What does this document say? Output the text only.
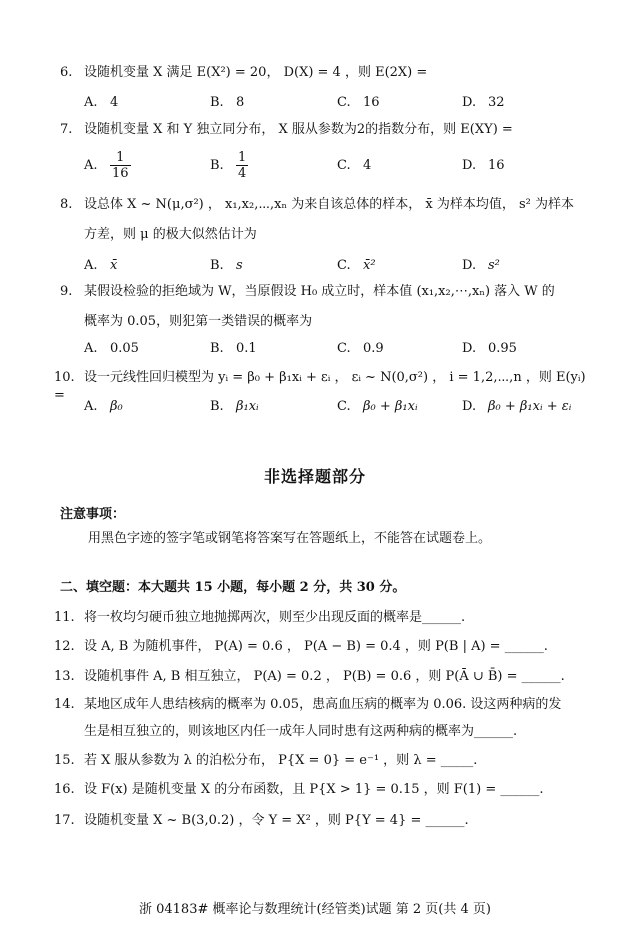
6. 设随机变量 X 满足 E(X²) = 20， D(X) = 4 ，则 E(2X) =
A. 4	B. 8	C. 16	D. 32
7. 设随机变量 X 和 Y 独立同分布， X 服从参数为2的指数分布，则 E(XY) =
A. $\frac{1}{16}$	B. $\frac{1}{4}$	C. 4	D. 16
8. 设总体 X ~ N(μ,σ²) ， x₁,x₂,⋯,xₙ 为来自该总体的样本， x̄ 为样本均值， s² 为样本
方差，则 μ 的极大似然估计为
A. x̄	B. s	C. x̄²	D. s²
9. 某假设检验的拒绝域为 W，当原假设 H₀ 成立时，样本值 (x₁,x₂,⋯,xₙ) 落入 W 的
概率为 0.05，则犯第一类错误的概率为
A. 0.05	B. 0.1	C. 0.9	D. 0.95
10. 设一元线性回归模型为 yᵢ = β₀ + β₁xᵢ + εᵢ ， εᵢ ~ N(0,σ²) ， i = 1,2,⋯,n ，则 E(yᵢ) =
A. β₀	B. β₁xᵢ	C. β₀ + β₁xᵢ	D. β₀ + β₁xᵢ + εᵢ
非选择题部分
注意事项：
用黑色字迹的签字笔或钢笔将答案写在答题纸上，不能答在试题卷上。
二、填空题：本大题共 15 小题，每小题 2 分，共 30 分。
11. 将一枚均匀硬币独立地抛掷两次，则至少出现反面的概率是______.
12. 设 A, B 为随机事件， P(A) = 0.6 ， P(A − B) = 0.4 ，则 P(B | A) = ______.
13. 设随机事件 A, B 相互独立， P(A) = 0.2 ， P(B) = 0.6 ，则 P(Ā ∪ B̄) = ______.
14. 某地区成年人患结核病的概率为 0.05，患高血压病的概率为 0.06. 设这两种病的发
生是相互独立的，则该地区内任一成年人同时患有这两种病的概率为______.
15. 若 X 服从参数为 λ 的泊松分布， P{X = 0} = e⁻¹ ，则 λ = _____.
16. 设 F(x) 是随机变量 X 的分布函数，且 P{X > 1} = 0.15 ，则 F(1) = ______.
17. 设随机变量 X ~ B(3,0.2) ，令 Y = X² ，则 P{Y = 4} = ______.
浙 04183# 概率论与数理统计(经管类)试题 第 2 页(共 4 页)
